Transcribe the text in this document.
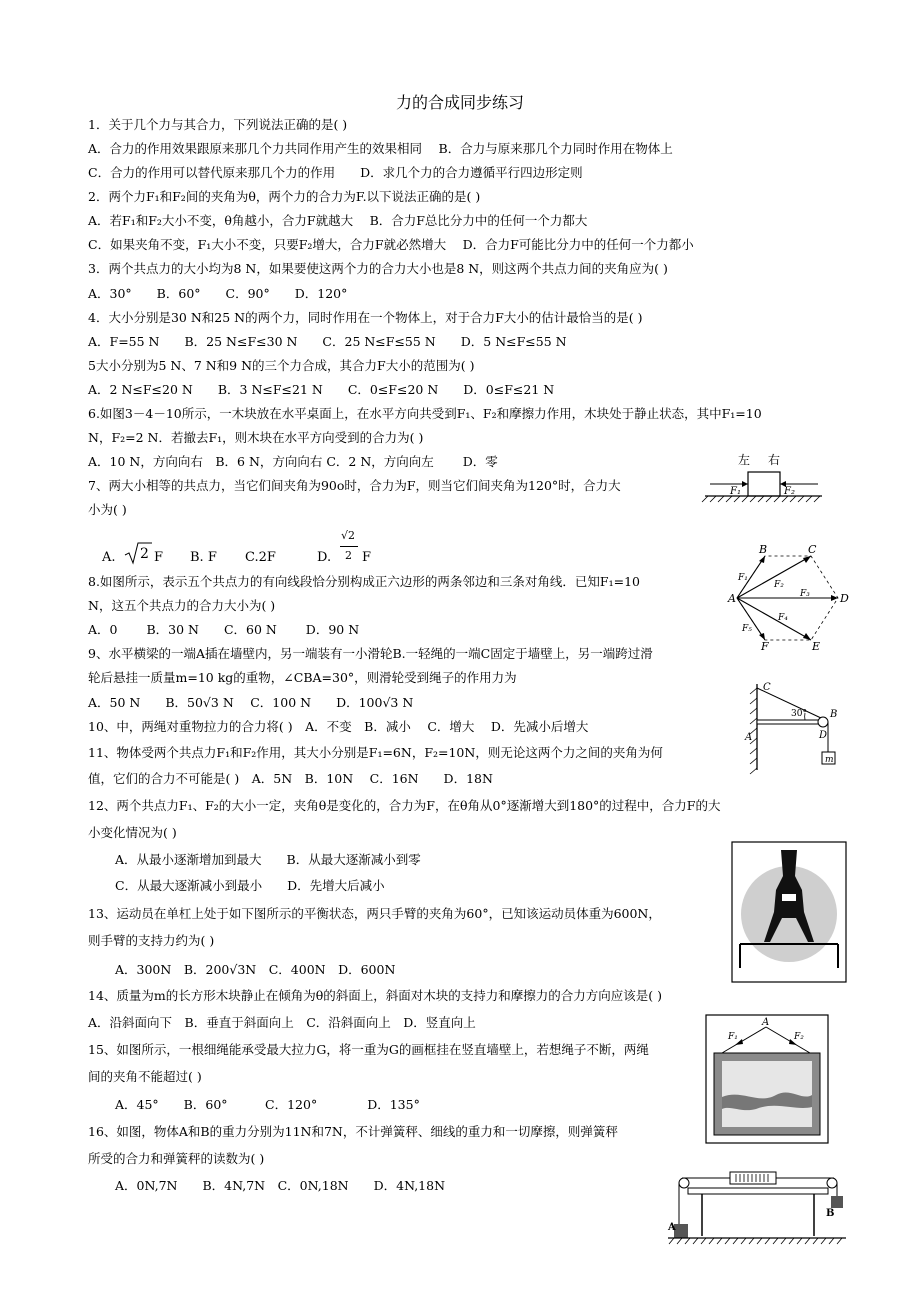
力的合成同步练习
1．关于几个力与其合力，下列说法正确的是( )
A．合力的作用效果跟原来那几个力共同作用产生的效果相同　 B．合力与原来那几个力同时作用在物体上
C．合力的作用可以替代原来那几个力的作用　　D．求几个力的合力遵循平行四边形定则
2．两个力F₁和F₂间的夹角为θ，两个力的合力为F.以下说法正确的是( )
A．若F₁和F₂大小不变，θ角越小，合力F就越大　 B．合力F总比分力中的任何一个力都大
C．如果夹角不变，F₁大小不变，只要F₂增大，合力F就必然增大　 D．合力F可能比分力中的任何一个力都小
3．两个共点力的大小均为8 N，如果要使这两个力的合力大小也是8 N，则这两个共点力间的夹角应为( )
A．30°　　B．60°　　C．90°　　D．120°
4．大小分别是30 N和25 N的两个力，同时作用在一个物体上，对于合力F大小的估计最恰当的是( )
A．F=55 N　　B．25 N≤F≤30 N　　C．25 N≤F≤55 N　　D．5 N≤F≤55 N
5大小分别为5 N、7 N和9 N的三个力合成，其合力F大小的范围为( )
A．2 N≤F≤20 N　　B．3 N≤F≤21 N　　C．0≤F≤20 N　　D．0≤F≤21 N
6.如图3－4－10所示，一木块放在水平桌面上，在水平方向共受到F₁、F₂和摩擦力作用，木块处于静止状态，其中F₁=10
N，F₂=2 N．若撤去F₁，则木块在水平方向受到的合力为( )
A．10 N，方向向右　B．6 N，方向向右 C．2 N，方向向左　　 D．零
7、两大小相等的共点力，当它们间夹角为90o时，合力为F，则当它们间夹角为120°时，合力大
小为( )
8.如图所示，表示五个共点力的有向线段恰分别构成正六边形的两条邻边和三条对角线．已知F₁=10
N，这五个共点力的合力大小为( )
A．0　　 B．30 N　　C．60 N　　 D．90 N
9、水平横梁的一端A插在墙壁内，另一端装有一小滑轮B.一轻绳的一端C固定于墙壁上，另一端跨过滑
轮后悬挂一质量m=10 kg的重物，∠CBA=30°，则滑轮受到绳子的作用力为
A．50 N　　B．50√3 N　 C．100 N　　D．100√3 N
10、中，两绳对重物拉力的合力将( )　A．不变　B．减小　 C．增大　 D．先减小后增大
11、物体受两个共点力F₁和F₂作用，其大小分别是F₁=6N，F₂=10N，则无论这两个力之间的夹角为何
值，它们的合力不可能是( )　A．5N　B．10N　 C．16N　　D．18N
12、两个共点力F₁、F₂的大小一定，夹角θ是变化的，合力为F，在θ角从0°逐渐增大到180°的过程中，合力F的大
小变化情况为( )
A．从最小逐渐增加到最大　　B．从最大逐渐减小到零
C．从最大逐渐减小到最小　　D．先增大后减小
13、运动员在单杠上处于如下图所示的平衡状态，两只手臂的夹角为60°，已知该运动员体重为600N，
则手臂的支持力约为( )
A．300N　B．200√3N　C．400N　D．600N
14、质量为m的长方形木块静止在倾角为θ的斜面上，斜面对木块的支持力和摩擦力的合力方向应该是( )
A．沿斜面向下　B．垂直于斜面向上　C．沿斜面向上　D．竖直向上
15、如图所示，一根细绳能承受最大拉力G，将一重为G的画框挂在竖直墙壁上，若想绳子不断，两绳
间的夹角不能超过( )
A．45°　　B．60°　　　C．120°　　　　D．135°
16、如图，物体A和B的重力分别为11N和7N，不计弹簧秤、细线的重力和一切摩擦，则弹簧秤
所受的合力和弹簧秤的读数为( )
A．0N,7N　　B．4N,7N　C．0N,18N　　D．4N,18N
A. 2 F B. F C.2F	D.
√2
2 F
左 右
F₁	F₂
A
B	C
D
E
F
F₁
F₂
F₃
F₄
F₅
m
30°
C
B
D
A
A
F₁	F₂
A
B
